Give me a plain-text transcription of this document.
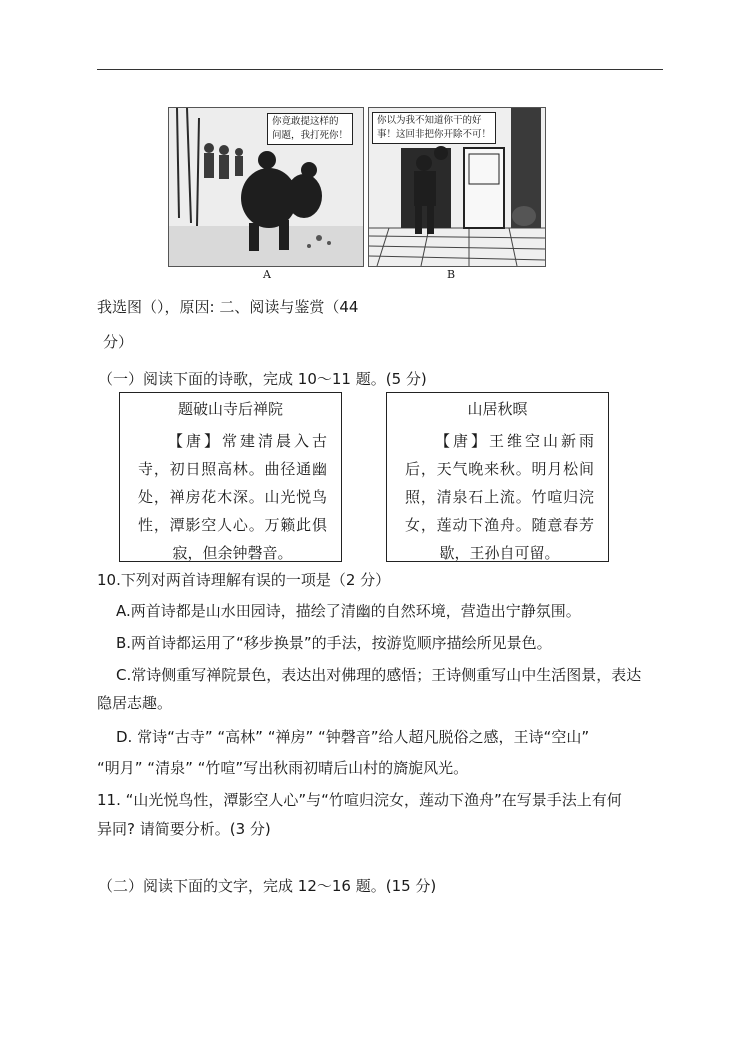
你竟敢提这样的
问题，我打死你！
你以为我不知道你干的好
事！这回非把你开除不可！
A	B
我选图（），原因: 二、阅读与鉴赏（44
分）
（一）阅读下面的诗歌，完成 10～11 题。(5 分)
题破山寺后禅院
【唐】常建清晨入古寺，初日照高林。曲径通幽处，禅房花木深。山光悦鸟性，潭影空人心。万籁此俱寂，但余钟磬音。
山居秋暝
【唐】王维空山新雨后，天气晚来秋。明月松间照，清泉石上流。竹喧归浣女，莲动下渔舟。随意春芳歇，王孙自可留。
10.下列对两首诗理解有误的一项是（2 分）
A.两首诗都是山水田园诗，描绘了清幽的自然环境，营造出宁静氛围。
B.两首诗都运用了“移步换景”的手法，按游览顺序描绘所见景色。
C.常诗侧重写禅院景色，表达出对佛理的感悟；王诗侧重写山中生活图景，表达
隐居志趣。
D. 常诗“古寺” “高林” “禅房” “钟磬音”给人超凡脱俗之感，王诗“空山”
“明月” “清泉” “竹喧”写出秋雨初晴后山村的旖旎风光。
11. “山光悦鸟性，潭影空人心”与“竹喧归浣女，莲动下渔舟”在写景手法上有何
异同? 请简要分析。(3 分)
（二）阅读下面的文字，完成 12～16 题。(15 分)
